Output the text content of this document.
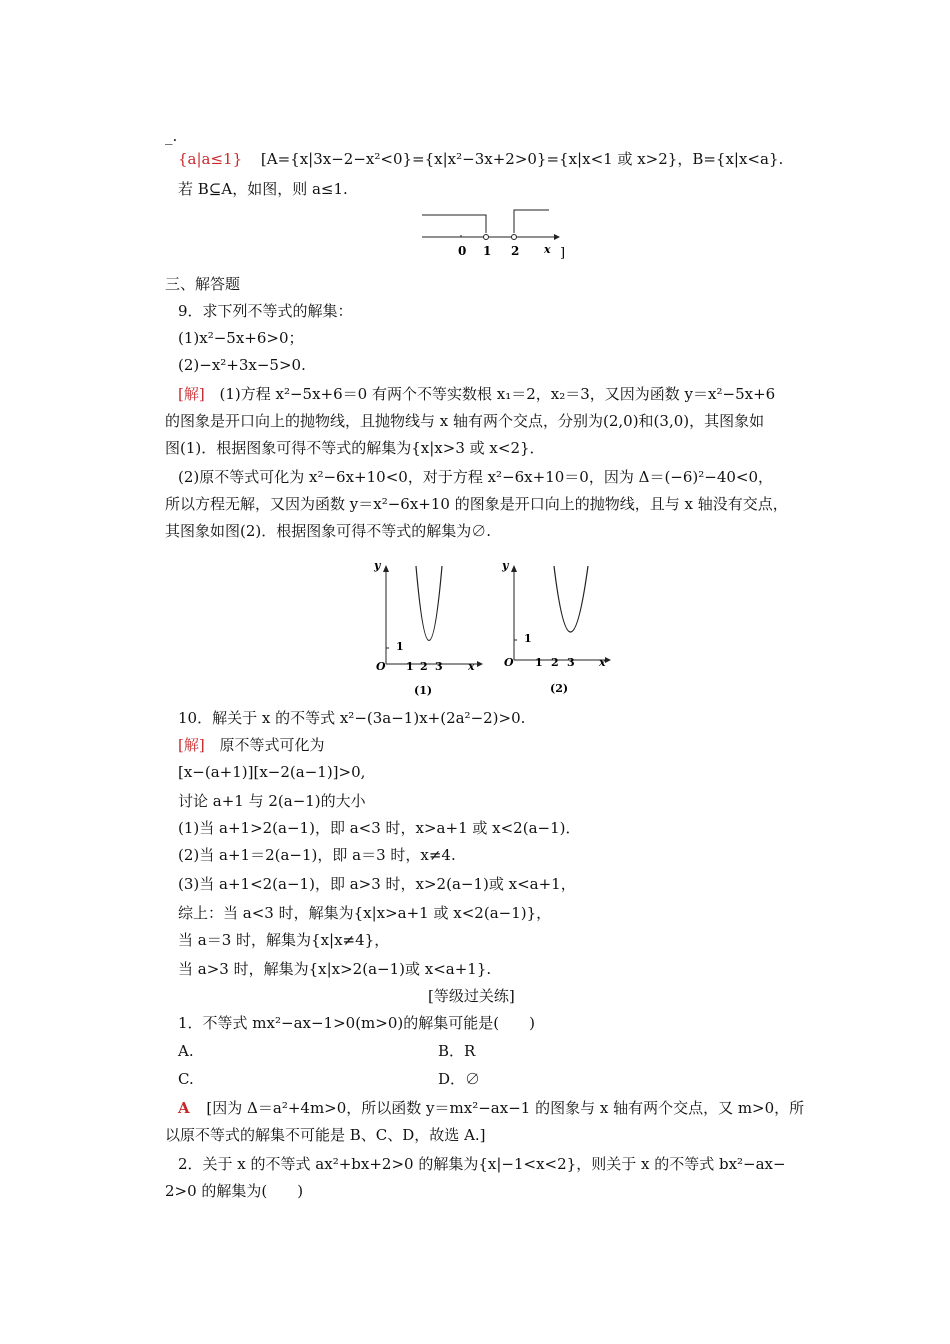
_.
{a|a≤1} [A={x|3x−2−x²<0}={x|x²−3x+2>0}={x|x<1 或 x>2}，B={x|x<a}.
若 B⊆A，如图，则 a≤1.
0 1 2 x ]
三、解答题
9．求下列不等式的解集：
(1)x²−5x+6>0；
(2)−x²+3x−5>0.
[解] (1)方程 x²−5x+6＝0 有两个不等实数根 x₁＝2，x₂＝3，又因为函数 y＝x²−5x+6
的图象是开口向上的抛物线，且抛物线与 x 轴有两个交点，分别为(2,0)和(3,0)，其图象如
图(1)．根据图象可得不等式的解集为{x|x>3 或 x<2}．
(2)原不等式可化为 x²−6x+10<0，对于方程 x²−6x+10＝0，因为 Δ＝(−6)²−40<0，
所以方程无解，又因为函数 y＝x²−6x+10 的图象是开口向上的抛物线，且与 x 轴没有交点，
其图象如图(2)．根据图象可得不等式的解集为∅.
y
1
O 1 2 3 x
(1)
y
1
O 1 2 3 x
(2)
10．解关于 x 的不等式 x²−(3a−1)x+(2a²−2)>0.
[解] 原不等式可化为
[x−(a+1)][x−2(a−1)]>0,
讨论 a+1 与 2(a−1)的大小
(1)当 a+1>2(a−1)，即 a<3 时，x>a+1 或 x<2(a−1)．
(2)当 a+1＝2(a−1)，即 a＝3 时，x≠4.
(3)当 a+1<2(a−1)，即 a>3 时，x>2(a−1)或 x<a+1，
综上：当 a<3 时，解集为{x|x>a+1 或 x<2(a−1)}，
当 a＝3 时，解集为{x|x≠4}，
当 a>3 时，解集为{x|x>2(a−1)或 x<a+1}.
[等级过关练]
1．不等式 mx²−ax−1>0(m>0)的解集可能是(　　)
A.	B．R
C.	D．∅
A [因为 Δ＝a²+4m>0，所以函数 y＝mx²−ax−1 的图象与 x 轴有两个交点，又 m>0，所
以原不等式的解集不可能是 B、C、D，故选 A.]
2．关于 x 的不等式 ax²+bx+2>0 的解集为{x|−1<x<2}，则关于 x 的不等式 bx²−ax−
2>0 的解集为(　　)
